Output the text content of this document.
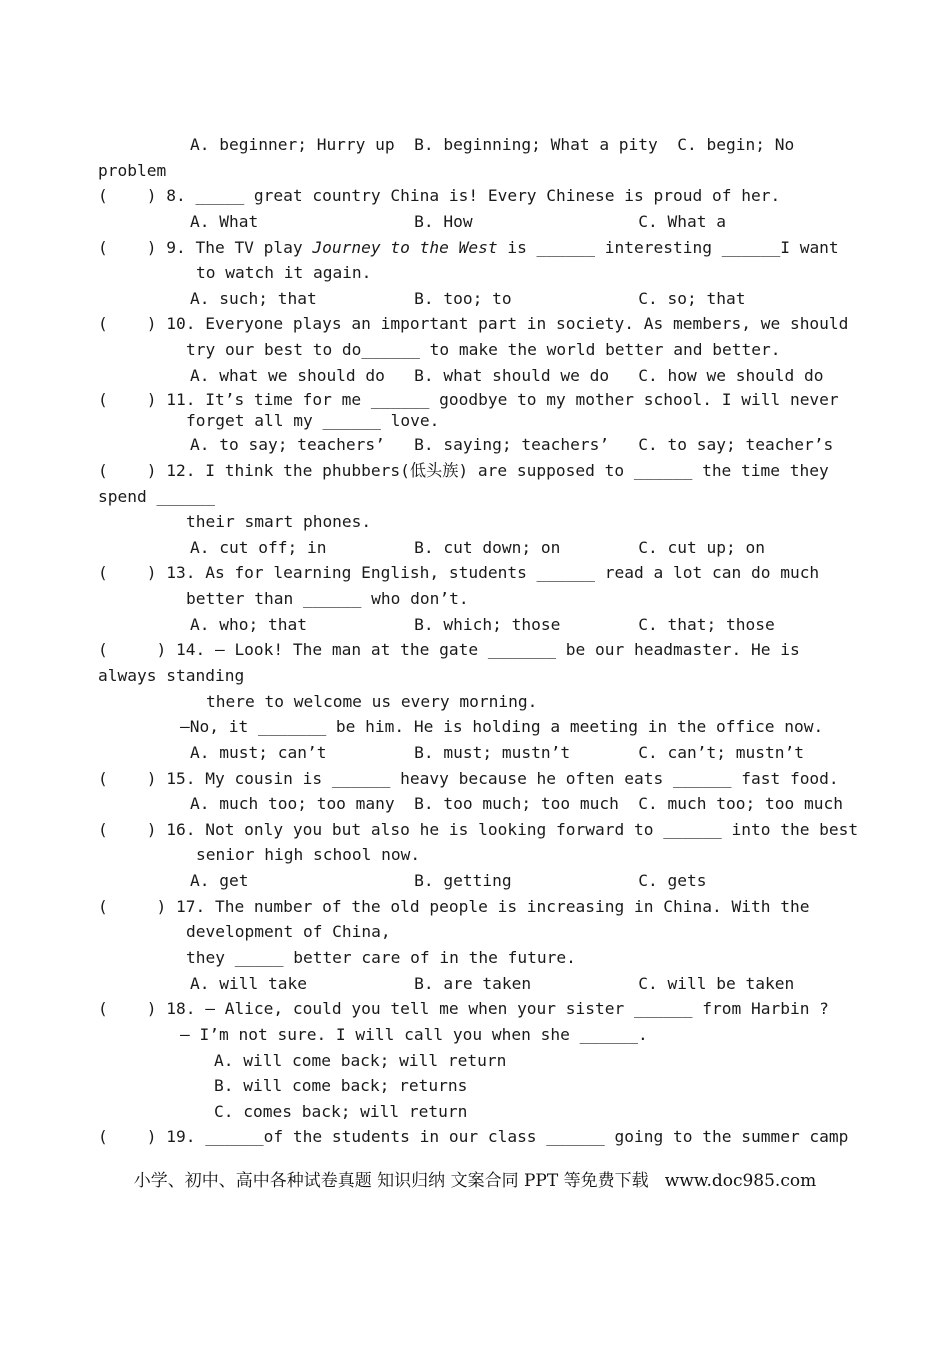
A. beginner; Hurry up  B. beginning; What a pity  C. begin; No
problem
(    ) 8. _____ great country China is! Every Chinese is proud of her.
A. What                B. How                 C. What a
(    ) 9. The TV play Journey to the West is ______ interesting ______I want
to watch it again.
A. such; that          B. too; to             C. so; that
(    ) 10. Everyone plays an important part in society. As members, we should
try our best to do______ to make the world better and better.
A. what we should do   B. what should we do   C. how we should do
(    ) 11. It’s time for me ______ goodbye to my mother school. I will never
forget all my ______ love.
A. to say; teachers’   B. saying; teachers’   C. to say; teacher’s
(    ) 12. I think the phubbers(低头族) are supposed to ______ the time they
spend ______
their smart phones.
A. cut off; in         B. cut down; on        C. cut up; on
(    ) 13. As for learning English, students ______ read a lot can do much
better than ______ who don’t.
A. who; that           B. which; those        C. that; those
(     ) 14. — Look! The man at the gate _______ be our headmaster. He is
always standing
there to welcome us every morning.
—No, it _______ be him. He is holding a meeting in the office now.
A. must; can’t         B. must; mustn’t       C. can’t; mustn’t
(    ) 15. My cousin is ______ heavy because he often eats ______ fast food.
A. much too; too many  B. too much; too much  C. much too; too much
(    ) 16. Not only you but also he is looking forward to ______ into the best
senior high school now.
A. get                 B. getting             C. gets
(     ) 17. The number of the old people is increasing in China. With the
development of China,
they _____ better care of in the future.
A. will take           B. are taken           C. will be taken
(    ) 18. — Alice, could you tell me when your sister ______ from Harbin ?
— I’m not sure. I will call you when she ______.
A. will come back; will return
B. will come back; returns
C. comes back; will return
(    ) 19. ______of the students in our class ______ going to the summer camp
小学、初中、高中各种试卷真题 知识归纳 文案合同 PPT 等免费下载   www.doc985.com
